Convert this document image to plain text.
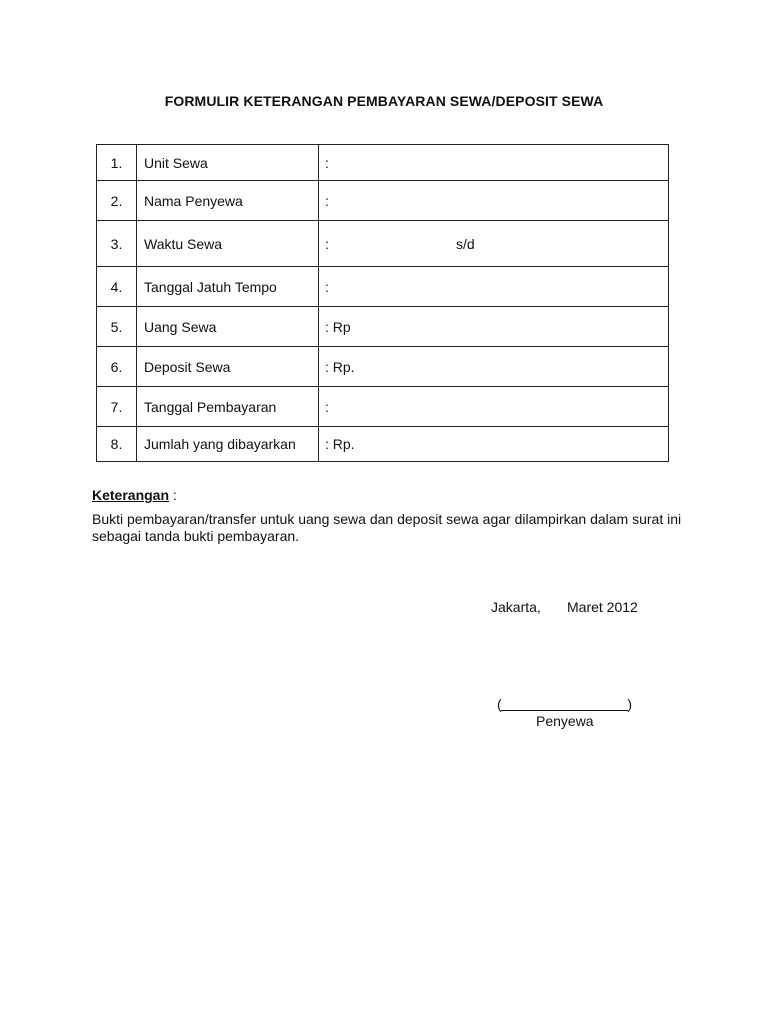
FORMULIR KETERANGAN PEMBAYARAN SEWA/DEPOSIT SEWA
1.	Unit Sewa	:
2.	Nama Penyewa	:
3.	Waktu Sewa	: s/d

4.	Tanggal Jatuh Tempo	:
5.	Uang Sewa	: Rp
6.	Deposit Sewa	: Rp.
7.	Tanggal Pembayaran	:
8.	Jumlah yang dibayarkan	: Rp.
Keterangan :
Bukti pembayaran/transfer untuk uang sewa dan deposit sewa agar dilampirkan dalam surat ini sebagai tanda bukti pembayaran.
Jakarta, Maret 2012
(	)
Penyewa
